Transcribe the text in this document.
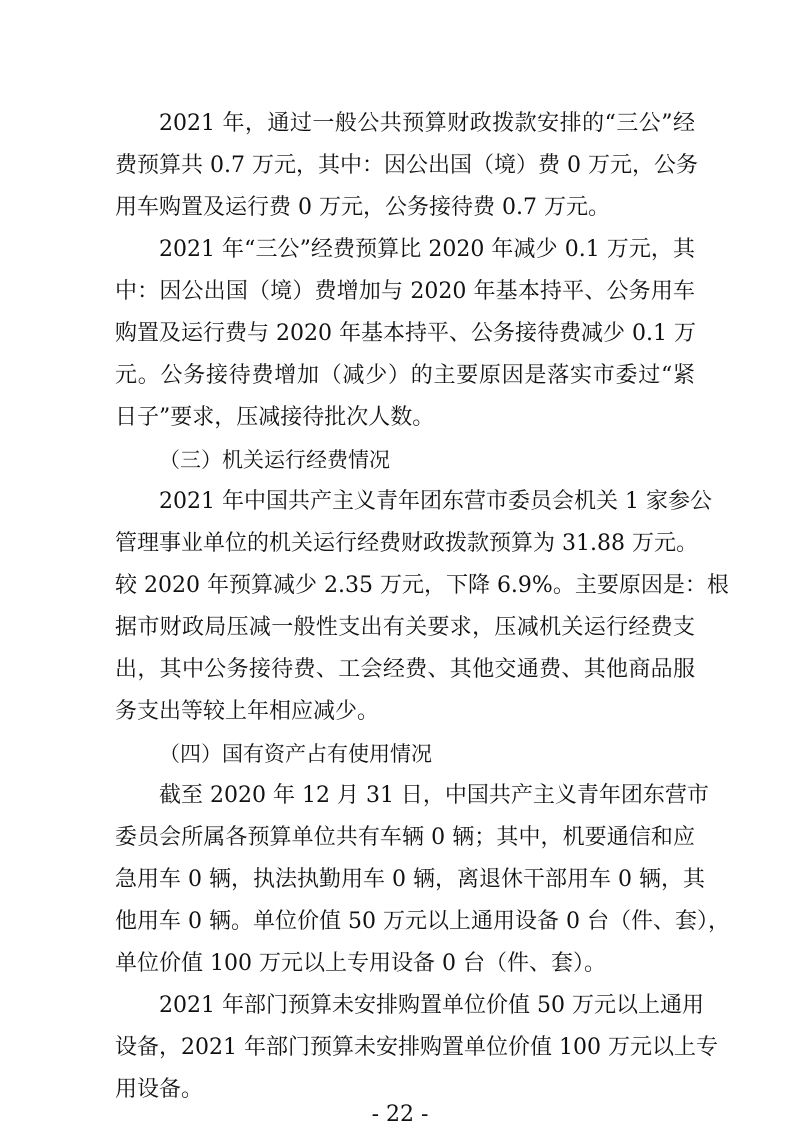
2021 年，通过一般公共预算财政拨款安排的“三公”经
费预算共 0.7 万元，其中：因公出国（境）费 0 万元，公务
用车购置及运行费 0 万元，公务接待费 0.7 万元。
2021 年“三公”经费预算比 2020 年减少 0.1 万元，其
中：因公出国（境）费增加与 2020 年基本持平、公务用车
购置及运行费与 2020 年基本持平、公务接待费减少 0.1 万
元。公务接待费增加（减少）的主要原因是落实市委过“紧
日子”要求，压减接待批次人数。
（三）机关运行经费情况
2021 年中国共产主义青年团东营市委员会机关 1 家参公
管理事业单位的机关运行经费财政拨款预算为 31.88 万元。
较 2020 年预算减少 2.35 万元，下降 6.9%。主要原因是：根
据市财政局压减一般性支出有关要求，压减机关运行经费支
出，其中公务接待费、工会经费、其他交通费、其他商品服
务支出等较上年相应减少。
（四）国有资产占有使用情况
截至 2020 年 12 月 31 日，中国共产主义青年团东营市
委员会所属各预算单位共有车辆 0 辆；其中，机要通信和应
急用车 0 辆，执法执勤用车 0 辆，离退休干部用车 0 辆，其
他用车 0 辆。单位价值 50 万元以上通用设备 0 台（件、套），
单位价值 100 万元以上专用设备 0 台（件、套）。
2021 年部门预算未安排购置单位价值 50 万元以上通用
设备，2021 年部门预算未安排购置单位价值 100 万元以上专
用设备。
- 22 -
